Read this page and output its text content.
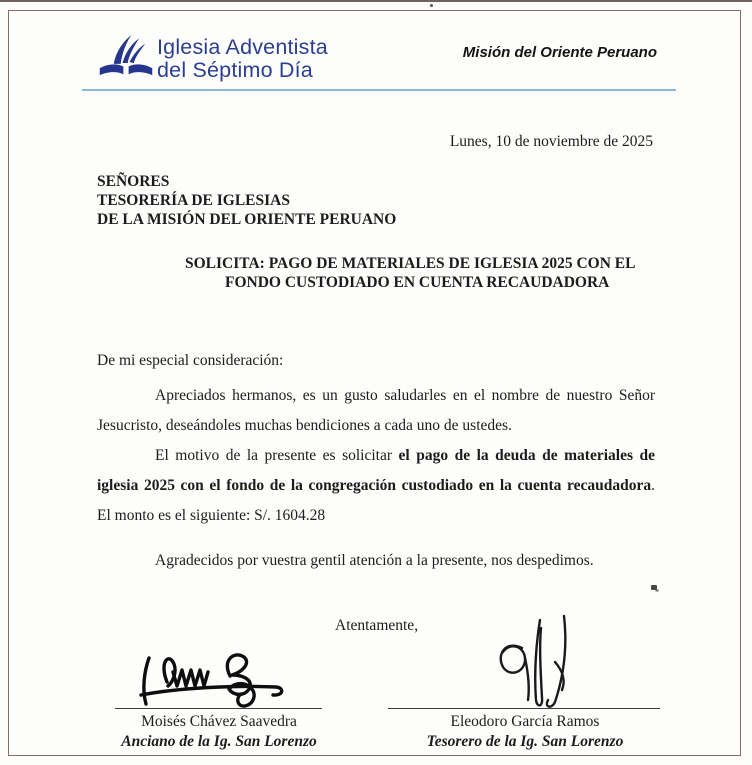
Iglesia Adventista
del Séptimo Día
Misión del Oriente Peruano
Lunes, 10 de noviembre de 2025
SEÑORES
TESORERÍA DE IGLESIAS
DE LA MISIÓN DEL ORIENTE PERUANO
SOLICITA: PAGO DE MATERIALES DE IGLESIA 2025 CON EL
FONDO CUSTODIADO EN CUENTA RECAUDADORA
De mi especial consideración:
Apreciados hermanos, es un gusto saludarles en el nombre de nuestro Señor
Jesucristo, deseándoles muchas bendiciones a cada uno de ustedes.
El motivo de la presente es solicitar el pago de la deuda de materiales de
iglesia 2025 con el fondo de la congregación custodiado en la cuenta recaudadora.
El monto es el siguiente: S/. 1604.28
Agradecidos por vuestra gentil atención a la presente, nos despedimos.
Atentamente,
Moisés Chávez Saavedra
Anciano de la Ig. San Lorenzo
Eleodoro García Ramos
Tesorero de la Ig. San Lorenzo
